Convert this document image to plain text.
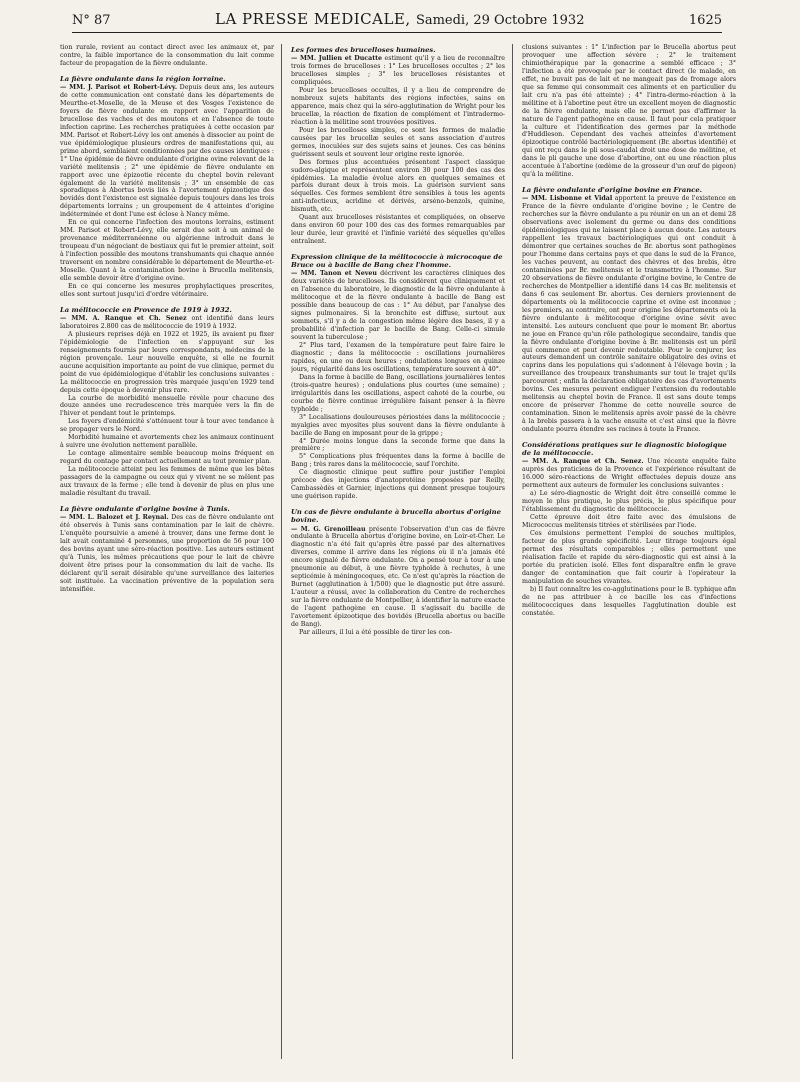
N° 87	LA PRESSE MEDICALE, Samedi, 29 Octobre 1932	1625

tion rurale, revient au contact direct avec les animaux et, par contre, la faible importance de la consommation du lait comme facteur de propagation de la fièvre ondulante.

La fièvre ondulante dans la région lorraine.

— MM. J. Parisot et Robert-Lévy. Depuis deux ans, les auteurs de cette communication ont constaté dans les départements de Meurthe-et-Moselle, de la Meuse et des Vosges l'existence de foyers de fièvre ondulante en rapport avec l'apparition de brucellose des vaches et des moutons et en l'absence de toute infection caprine. Les recherches pratiquées à cette occasion par MM. Parisot et Robert-Lévy les ont amenés à dissocier au point de vue épidémiologique plusieurs ordres de manifestations qui, au prime abord, semblaient conditionnées par des causes identiques : 1° Une épidémie de fièvre ondulante d'origine ovine relevant de la variété melitensis ; 2° une épidémie de fièvre ondulante en rapport avec une épizootie récente du cheptel bovin relevant également de la variété melitensis ; 3° un ensemble de cas sporadiques à Abortus bovis liés à l'avortement épizootique des bovidés dont l'existence est signalée depuis toujours dans les trois départements lorrains ; un groupement de 4 atteintes d'origine indéterminée et dont l'une est éclose à Nancy même.

En ce qui concerne l'infection des moutons lorrains, estiment MM. Parisot et Robert-Lévy, elle serait due soit à un animal de provenance méditerranéenne ou algérienne introduit dans le troupeau d'un négociant de bestiaux qui fut le premier atteint, soit à l'infection possible des moutons transhumants qui chaque année traversent en nombre considérable le département de Meurthe-et-Moselle. Quant à la contamination bovine à Brucella melitensis, elle semble devoir être d'origine ovine.

En ce qui concerne les mesures prophylactiques prescrites, elles sont surtout jusqu'ici d'ordre vétérinaire.

La mélitococcie en Provence de 1919 à 1932.

— MM. A. Ranque et Ch. Senez ont identifié dans leurs laboratoires 2.800 cas de mélitococcie de 1919 à 1932.

A plusieurs reprises déjà en 1922 et 1925, ils avaient pu fixer l'épidémiologie de l'infection en s'appuyant sur les renseignements fournis par leurs correspondants, médecins de la région provençale. Leur nouvelle enquête, si elle ne fournit aucune acquisition importante au point de vue clinique, permet du point de vue épidémiologique d'établir les conclusions suivantes : La mélitococcie en progression très marquée jusqu'en 1929 tend depuis cette époque à devenir plus rare.

La courbe de morbidité mensuelle révèle pour chacune des douze années une recrudescence très marquée vers la fin de l'hiver et pendant tout le printemps.

Les foyers d'endémicité s'atténuent tour à tour avec tendance à se propager vers le Nord.

Morbidité humaine et avortements chez les animaux continuent à suivre une évolution nettement parallèle.

Le contage alimentaire semble beaucoup moins fréquent en regard du contage par contact actuellement au tout premier plan.

La mélitococcie atteint peu les femmes de même que les bêtes passagers de la campagne ou ceux qui y vivent ne se mêlent pas aux travaux de la ferme ; elle tend à devenir de plus en plus une maladie résultant du travail.

La fièvre ondulante d'origine bovine à Tunis.

— MM. L. Balozet et J. Reynal. Des cas de fièvre ondulante ont été observés à Tunis sans contamination par le lait de chèvre. L'enquête poursuivie a amené à trouver, dans une ferme dont le lait avait contaminé 4 personnes, une proportion de 56 pour 100 des bovins ayant une séro-réaction positive. Les auteurs estiment qu'à Tunis, les mêmes précautions que pour le lait de chèvre doivent être prises pour la consommation du lait de vache. Ils déclarent qu'il serait désirable qu'une surveillance des laiteries soit instituée. La vaccination préventive de la population sera intensifiée.

Les formes des brucelloses humaines.

— MM. Jullien et Ducatte estiment qu'il y a lieu de reconnaître trois formes de brucelloses : 1° Les brucelloses occultes ; 2° les brucelloses simples ; 3° les brucelloses résistantes et compliquées.

Pour les brucelloses occultes, il y a lieu de comprendre de nombreux sujets habitants des régions infectées, sains en apparence, mais chez qui la séro-agglutination de Wright pour les brucellæ, la réaction de fixation de complément et l'intradermo-réaction à la mélitine sont trouvées positives.

Pour les brucelloses simples, ce sont les formes de maladie causées par les brucellæ seules et sans association d'autres germes, inoculées sur des sujets sains et jeunes. Ces cas bénins guérissent seuls et souvent leur origine reste ignorée.

Des formes plus accentuées présentent l'aspect classique sudoro-algique et représentent environ 30 pour 100 des cas des épidémies. La maladie évolue alors en quelques semaines et parfois durant deux à trois mois. La guérison survient sans séquelles. Ces formes semblent être sensibles à tous les agents anti-infectieux, acridine et dérivés, arséno-benzols, quinine, bismuth, etc.

Quant aux brucelloses résistantes et compliquées, on observe dans environ 60 pour 100 des cas des formes remarquables par leur durée, leur gravité et l'infinie variété des séquelles qu'elles entraînent.

Expression clinique de la mélitococcie à microcoque de Bruce ou à bacille de Bang chez l'homme.

— MM. Tanon et Neveu décrivent les caractères cliniques des deux variétés de brucelloses. Ils considèrent que cliniquement et en l'absence du laboratoire, le diagnostic de la fièvre ondulante à mélitocoque et de la fièvre ondulante à bacille de Bang est possible dans beaucoup de cas : 1° Au début, par l'analyse des signes pulmonaires. Si la bronchite est diffuse, surtout aux sommets, s'il y a de la congestion même légère des bases, il y a probabilité d'infection par le bacille de Bang. Celle-ci simule souvent la tuberculose ;

2° Plus tard, l'examen de la température peut faire faire le diagnostic ; dans la mélitococcie : oscillations journalières rapides, en une ou deux heures ; ondulations longues en quinze jours, régularité dans les oscillations, température souvent à 40°.

Dans la forme à bacille de Bang, oscillations journalières lentes (trois-quatre heures) ; ondulations plus courtes (une semaine) ; irrégularités dans les oscillations, aspect cahoté de la courbe, ou courbe de fièvre continue irrégulière faisant penser à la fièvre typhoïde ;

3° Localisations douloureuses périostées dans la mélitococcie ; myalgies avec myosites plus souvent dans la fièvre ondulante à bacille de Bang en imposant pour de la grippe ;

4° Durée moins longue dans la seconde forme que dans la première ;

5° Complications plus fréquentes dans la forme à bacille de Bang ; très rares dans la mélitococcie, sauf l'orchite.

Ce diagnostic clinique peut suffire pour justifier l'emploi précoce des injections d'anatoprotéine proposées par Reilly, Cambassèdès et Garnier, injections qui donnent presque toujours une guérison rapide.

Un cas de fièvre ondulante à brucella abortus d'origine bovine.

— M. G. Grenoilleau présente l'observation d'un cas de fièvre ondulante à Brucella abortus d'origine bovine, en Loir-et-Cher. Le diagnostic n'a été fait qu'après être passé par des alternatives diverses, comme il arrive dans les régions où il n'a jamais été encore signalé de fièvre ondulante. On a pensé tour à tour à une pneumonie au début, à une fièvre typhoïde à rechutes, à une septicémie à méningocoques, etc. Ce n'est qu'après la réaction de Burnet (agglutination à 1/500) que le diagnostic put être assuré. L'auteur a réussi, avec la collaboration du Centre de recherches sur la fièvre ondulante de Montpellier, à identifier la nature exacte de l'agent pathogène en cause. Il s'agissait du bacille de l'avortement épizootique des bovidés (Brucella abortus ou bacille de Bang).

Par ailleurs, il lui a été possible de tirer les con-

clusions suivantes : 1° L'infection par le Brucella abortus peut provoquer une affection sévère ; 2° le traitement chimiothérapique par la gonacrine a semblé efficace ; 3° l'infection a été provoquée par le contact direct (le malade, en effet, ne buvait pas de lait et ne mangeait pas de fromage alors que sa femme qui consommait ces aliments et en particulier du lait cru n'a pas été atteinte) ; 4° l'intra-dermo-réaction à la mélitine et à l'abortine peut être un excellent moyen de diagnostic de la fièvre ondulante, mais elle ne permet pas d'affirmer la nature de l'agent pathogène en cause. Il faut pour cela pratiquer la culture et l'identification des germes par la méthode d'Huddleson. Cependant des vaches atteintes d'avortement épizootique contrôlé bactériologiquement (Br. abortus identifié) et qui ont reçu dans le pli sous-caudal droit une dose de mélitine, et dans le pli gauche une dose d'abortine, ont eu une réaction plus accentuée à l'abortine (œdème de la grosseur d'un œuf de pigeon) qu'à la mélitine.

La fièvre ondulante d'origine bovine en France.

— MM. Lisbonne et Vidal apportent la preuve de l'existence en France de la fièvre ondulante d'origine bovine ; le Centre de recherches sur la fièvre ondulante a pu réunir en un an et demi 28 observations avec isolement du germe ou dans des conditions épidémiologiques qui ne laissent place à aucun doute. Les auteurs rappellent les travaux bactériologiques qui ont conduit à démontrer que certaines souches de Br. abortus sont pathogènes pour l'homme dans certains pays et que dans le sud de la France, les vaches peuvent, au contact des chèvres et des brebis, être contaminées par Br. melitensis et le transmettre à l'homme. Sur 20 observations de fièvre ondulante d'origine bovine, le Centre de recherches de Montpellier a identifié dans 14 cas Br. melitensis et dans 6 cas seulement Br. abortus. Ces derniers proviennent de départements où la mélitococcie caprine et ovine est inconnue ; les premiers, au contraire, ont pour origine les départements où la fièvre ondulante à mélitocoque d'origine ovine sévit avec intensité. Les auteurs concluent que pour le moment Br. abortus ne joue en France qu'un rôle pathologique secondaire, tandis que la fièvre ondulante d'origine bovine à Br. melitensis est un péril qui commence et peut devenir redoutable. Pour le conjurer, les auteurs demandent un contrôle sanitaire obligatoire des ovins et caprins dans les populations qui s'adonnent à l'élevage bovin ; la surveillance des troupeaux transhumants sur tout le trajet qu'ils parcourent ; enfin la déclaration obligatoire des cas d'avortements bovins. Ces mesures peuvent endiguer l'extension du redoutable melitensis au cheptel bovin de France. Il est sans doute temps encore de préserver l'homme de cette nouvelle source de contamination. Sinon le melitensis après avoir passé de la chèvre à la brebis passera à la vache ensuite et c'est ainsi que la fièvre ondulante pourra étendre ses racines à toute la France.

Considérations pratiques sur le diagnostic biologique de la mélitococcie.

— MM. A. Ranque et Ch. Senez. Une récente enquête faite auprès des praticiens de la Provence et l'expérience résultant de 16.000 séro-réactions de Wright effectuées depuis douze ans permettent aux auteurs de formuler les conclusions suivantes :

a) Le séro-diagnostic de Wright doit être conseillé comme le moyen le plus pratique, le plus précis, le plus spécifique pour l'établissement du diagnostic de mélitococcie.

Cette épreuve doit être faite avec des émulsions de Micrococcus melitensis titrées et stérilisées par l'iode.

Ces émulsions permettent l'emploi de souches multiples, facteur de plus grande spécificité. Leur titrage toujours égal permet des résultats comparables ; elles permettent une réalisation facile et rapide du séro-diagnostic qui est ainsi à la portée du praticien isolé. Elles font disparaître enfin le grave danger de contamination que fait courir à l'opérateur la manipulation de souches vivantes.

b) Il faut connaître les co-agglutinations pour le B. typhique afin de ne pas attribuer à ce bacille les cas d'infections mélitococciques dans lesquelles l'agglutination double est constatée.
